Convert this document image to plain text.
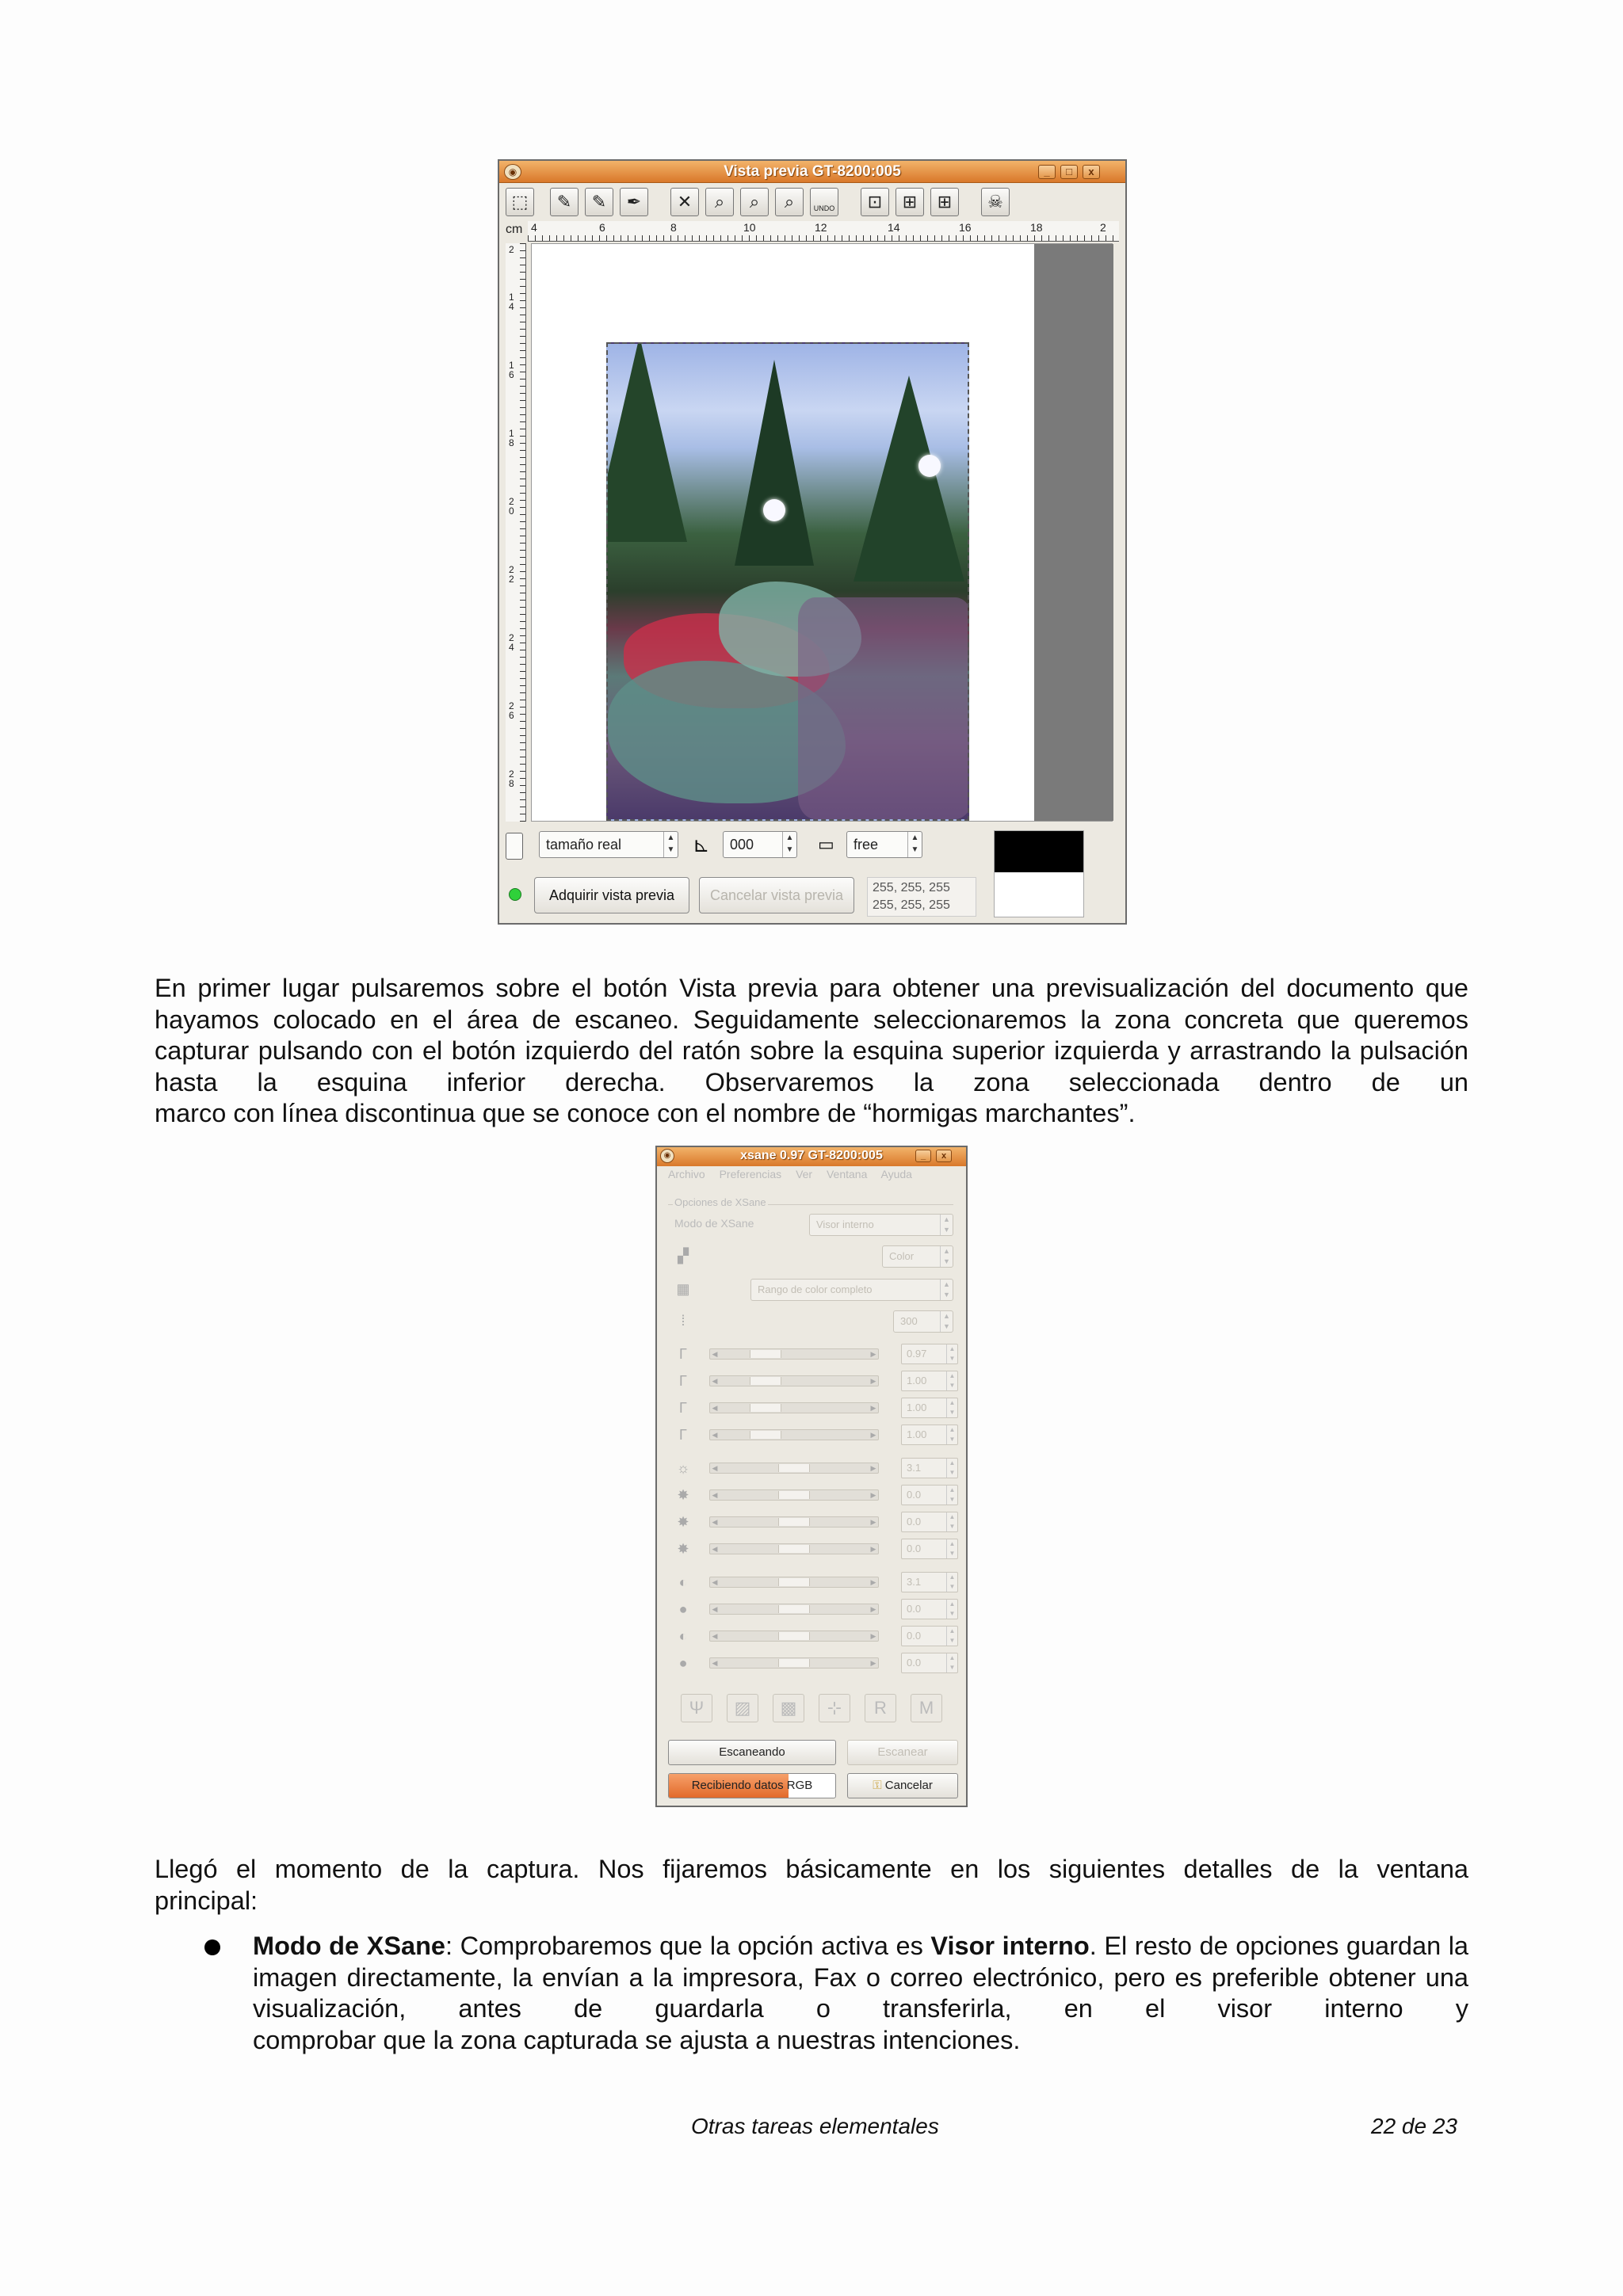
◉	Vista previa GT-8200:005	_	□	x
⬚	✎	✎	✒	✕	⌕	⌕	⌕	UNDO	⊡	⊞	⊞	☠
cm 4	6	8	10	12	14	16	18	2
2
14
16
18
20
22
24
26
28
tamaño real	▲
▼ ⊾	000	▲
▼ ▭	free	▲
▼
Adquirir vista previa	Cancelar vista previa	255, 255, 255
255, 255, 255
En primer lugar pulsaremos sobre el botón Vista previa para obtener una previsualización del documento que hayamos colocado en el área de escaneo. Seguidamente seleccionaremos la zona concreta que queremos capturar pulsando con el botón izquierdo del ratón sobre la esquina superior izquierda y arrastrando la pulsación hasta la esquina inferior derecha. Observaremos la zona seleccionada dentro de un
marco con línea discontinua que se conoce con el nombre de “hormigas marchantes”.
◉	xsane 0.97 GT-8200:005	_	x
Archivo Preferencias Ver Ventana Ayuda
Opciones de XSane
Modo de XSane	Visor interno	▲
▼
▞	Color	▲
▼
▦	Rango de color completo	▲
▼
⁞	300	▲
▼
Γ	◀	▶	0.97	▲
▼
Γ	◀	▶	1.00	▲
▼
Γ	◀	▶	1.00	▲
▼
Γ	◀	▶	1.00	▲
▼
☼	◀	▶	3.1	▲
▼
✸	◀	▶	0.0	▲
▼
✸	◀	▶	0.0	▲
▼
✸	◀	▶	0.0	▲
▼
◐	◀	▶	3.1	▲
▼
●	◀	▶	0.0	▲
▼
◐	◀	▶	0.0	▲
▼
●	◀	▶	0.0	▲
▼
Ψ	▨	▩	⊹	R	M
Escaneando	Escanear
Recibiendo datos RGB	⚿ Cancelar
Llegó el momento de la captura. Nos fijaremos básicamente en los siguientes detalles de la ventana
principal:
Modo de XSane: Comprobaremos que la opción activa es Visor interno. El resto de opciones guardan la imagen directamente, la envían a la impresora, Fax o correo electrónico, pero es preferible obtener una visualización, antes de guardarla o transferirla, en el visor interno y
comprobar que la zona capturada se ajusta a nuestras intenciones.
Otras tareas elementales	22 de 23
